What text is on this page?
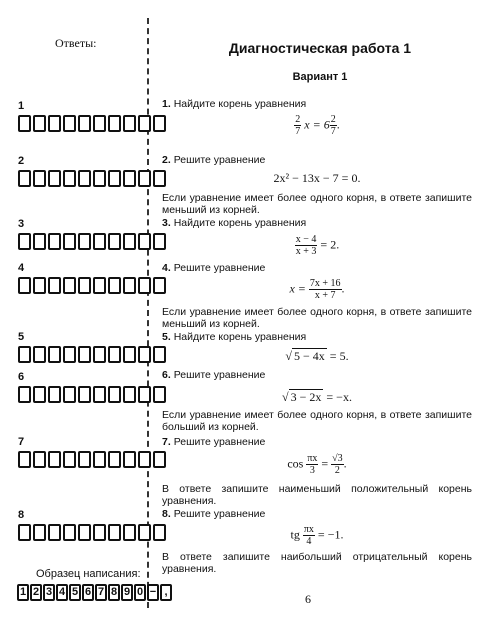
Ответы:
1
2
3
4
5
6
7
8
Диагностическая работа 1
Вариант 1
1. Найдите корень уравнения
$\frac{2}{7}$ $x = 6 \frac{2}{7}$ .
2. Решите уравнение
2x² − 13x − 7 = 0.
Если уравнение имеет более одного корня, в ответе запишите меньший из корней.
3. Найдите корень уравнения
$\frac{x - 4}{x + 3} = 2$.
4. Решите уравнение
$x = \frac{7x + 16}{x + 7}$ .
Если уравнение имеет более одного корня, в ответе запишите меньший из корней.
5. Найдите корень уравнения
√ 5 − 4x = 5.
6. Решите уравнение
√ 3 − 2x = −x.
Если уравнение имеет более одного корня, в ответе запишите больший из корней.
7. Решите уравнение
$\cos \frac{\pi x}{3} = \frac{√3}{2}$ .
В ответе запишите наименьший положительный корень уравнения.
8. Решите уравнение
tg $\frac{\pi x}{4} = -1$.
В ответе запишите наибольший отрицательный корень уравнения.
Образец написания:
1 2 3 4 5 6 7 8 9 0 − ,	6
